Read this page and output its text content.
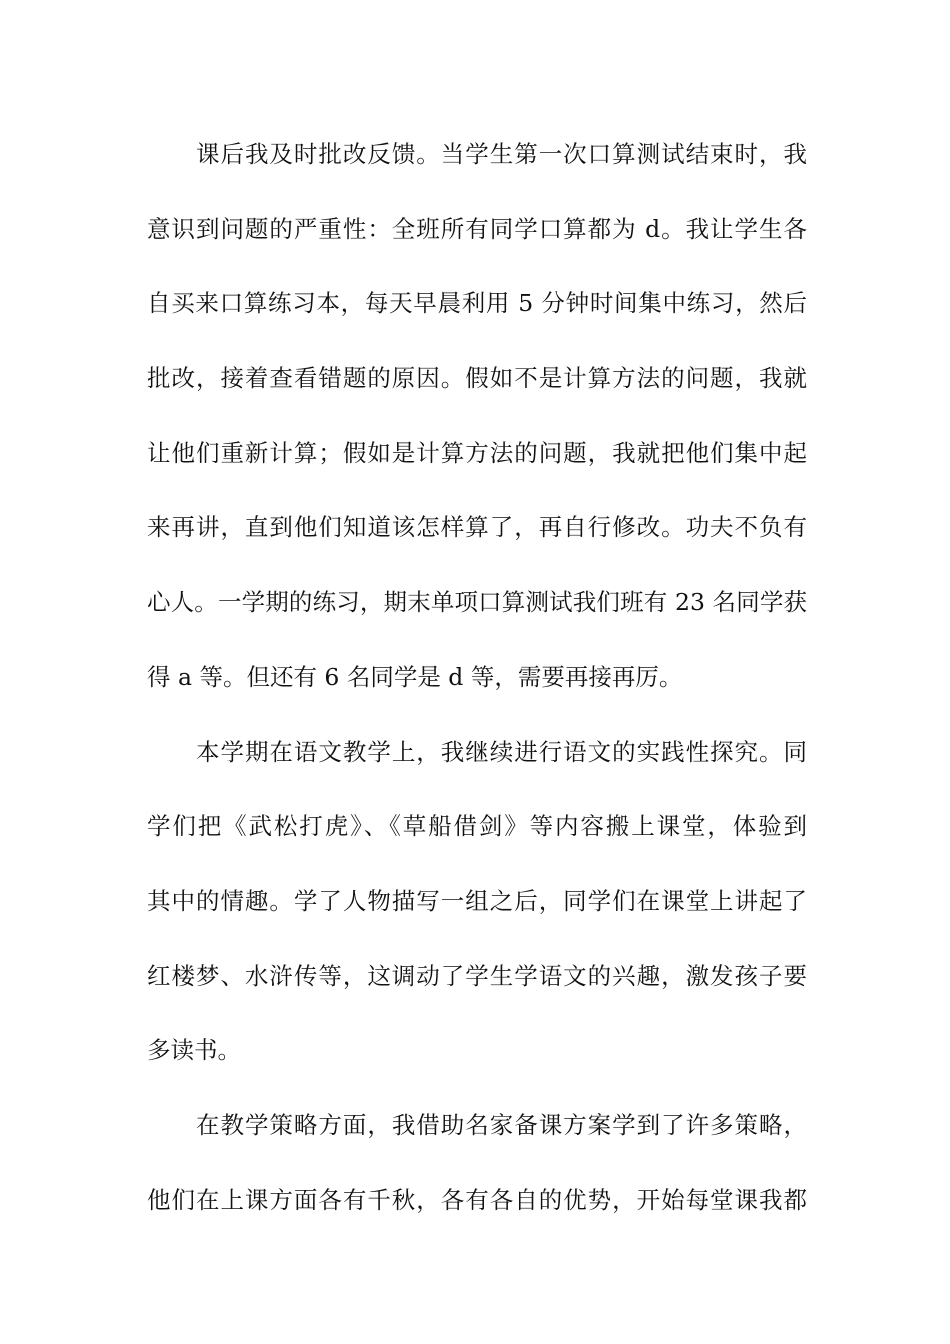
课后我及时批改反馈。当学生第一次口算测试结束时，我
意识到问题的严重性：全班所有同学口算都为 d。我让学生各
自买来口算练习本，每天早晨利用 5 分钟时间集中练习，然后
批改，接着查看错题的原因。假如不是计算方法的问题，我就
让他们重新计算；假如是计算方法的问题，我就把他们集中起
来再讲，直到他们知道该怎样算了，再自行修改。功夫不负有
心人。一学期的练习，期末单项口算测试我们班有 23 名同学获
得 a 等。但还有 6 名同学是 d 等，需要再接再厉。
本学期在语文教学上，我继续进行语文的实践性探究。同
学们把《武松打虎》、《草船借剑》等内容搬上课堂，体验到
其中的情趣。学了人物描写一组之后，同学们在课堂上讲起了
红楼梦、水浒传等，这调动了学生学语文的兴趣，激发孩子要
多读书。
在教学策略方面，我借助名家备课方案学到了许多策略，
他们在上课方面各有千秋，各有各自的优势，开始每堂课我都
